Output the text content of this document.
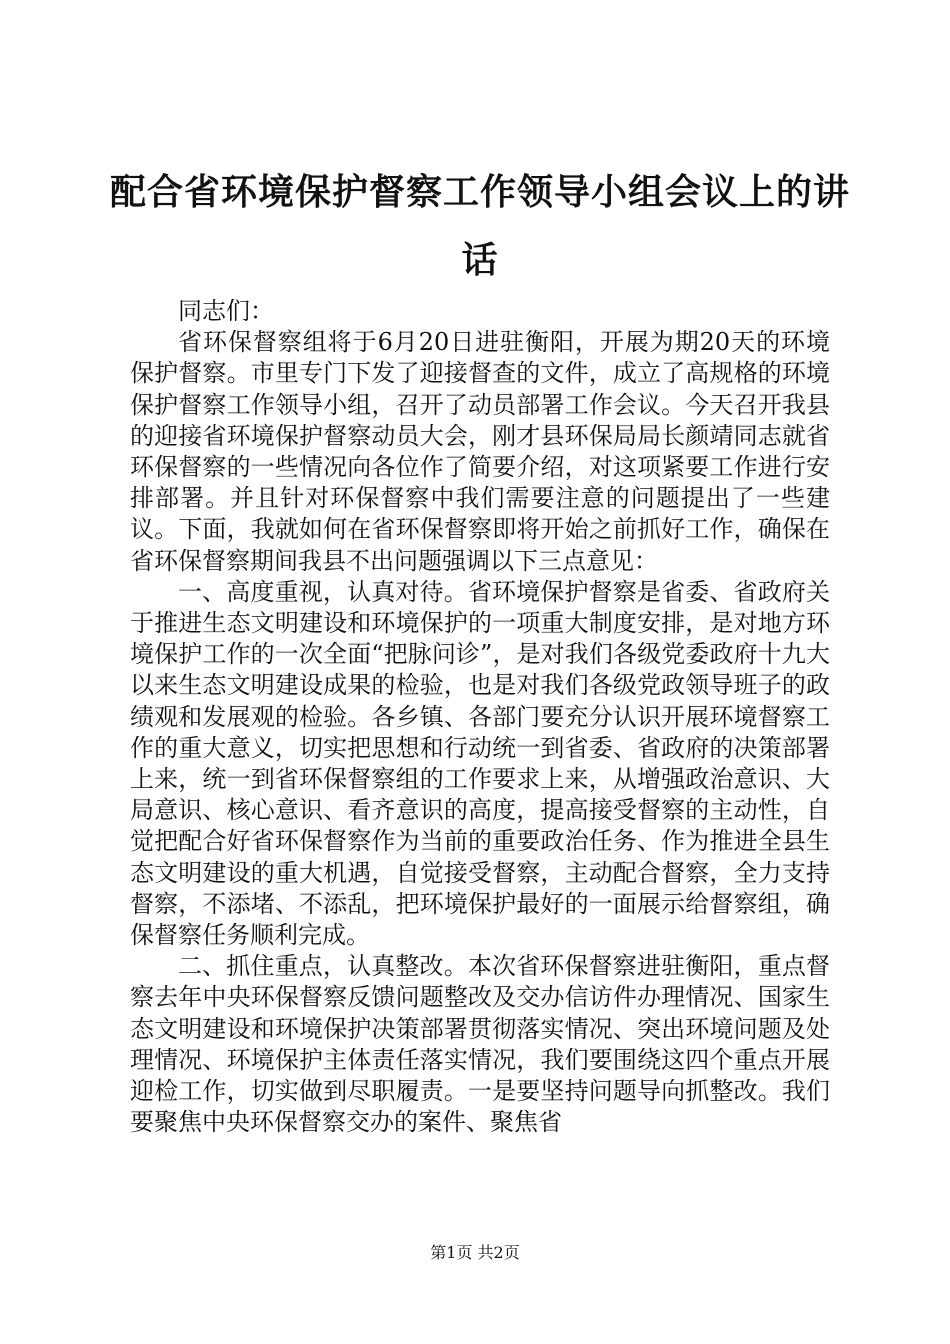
配合省环境保护督察工作领导小组会议上的讲话

同志们：

省环保督察组将于6月20日进驻衡阳，开展为期20天的环境保护督察。市里专门下发了迎接督查的文件，成立了高规格的环境保护督察工作领导小组，召开了动员部署工作会议。今天召开我县的迎接省环境保护督察动员大会，刚才县环保局局长颜靖同志就省环保督察的一些情况向各位作了简要介绍，对这项紧要工作进行安排部署。并且针对环保督察中我们需要注意的问题提出了一些建议。下面，我就如何在省环保督察即将开始之前抓好工作，确保在省环保督察期间我县不出问题强调以下三点意见：

一、高度重视，认真对待。省环境保护督察是省委、省政府关于推进生态文明建设和环境保护的一项重大制度安排，是对地方环境保护工作的一次全面“把脉问诊”，是对我们各级党委政府十九大以来生态文明建设成果的检验，也是对我们各级党政领导班子的政绩观和发展观的检验。各乡镇、各部门要充分认识开展环境督察工作的重大意义，切实把思想和行动统一到省委、省政府的决策部署上来，统一到省环保督察组的工作要求上来，从增强政治意识、大局意识、核心意识、看齐意识的高度，提高接受督察的主动性，自觉把配合好省环保督察作为当前的重要政治任务、作为推进全县生态文明建设的重大机遇，自觉接受督察，主动配合督察，全力支持督察，不添堵、不添乱，把环境保护最好的一面展示给督察组，确保督察任务顺利完成。

二、抓住重点，认真整改。本次省环保督察进驻衡阳，重点督察去年中央环保督察反馈问题整改及交办信访件办理情况、国家生态文明建设和环境保护决策部署贯彻落实情况、突出环境问题及处理情况、环境保护主体责任落实情况，我们要围绕这四个重点开展迎检工作，切实做到尽职履责。一是要坚持问题导向抓整改。我们要聚焦中央环保督察交办的案件、聚焦省

第1页 共2页
